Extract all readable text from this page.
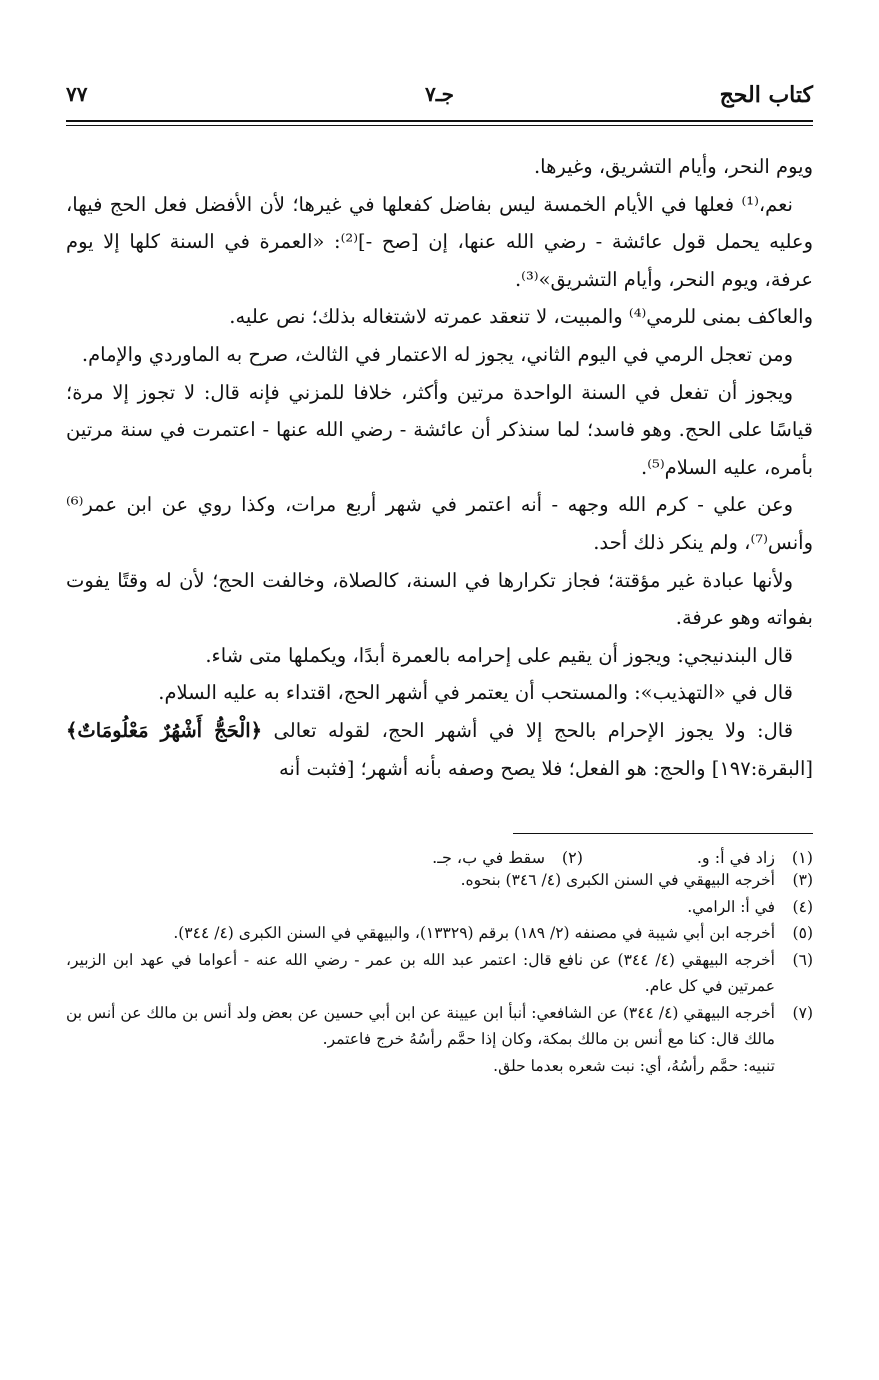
كتاب الحج
جـ٧
٧٧

ويوم النحر، وأيام التشريق، وغيرها.

نعم،⁽¹⁾ فعلها في الأيام الخمسة ليس بفاضل كفعلها في غيرها؛ لأن الأفضل فعل الحج فيها، وعليه يحمل قول عائشة - رضي الله عنها، إن [صح -]⁽²⁾: «العمرة في السنة كلها إلا يوم عرفة، ويوم النحر، وأيام التشريق»⁽³⁾.

والعاكف بمنى للرمي⁽⁴⁾ والمبيت، لا تنعقد عمرته لاشتغاله بذلك؛ نص عليه.

ومن تعجل الرمي في اليوم الثاني، يجوز له الاعتمار في الثالث، صرح به الماوردي والإمام.

ويجوز أن تفعل في السنة الواحدة مرتين وأكثر، خلافا للمزني فإنه قال: لا تجوز إلا مرة؛ قياسًا على الحج. وهو فاسد؛ لما سنذكر أن عائشة - رضي الله عنها - اعتمرت في سنة مرتين بأمره، عليه السلام⁽⁵⁾.

وعن علي - كرم الله وجهه - أنه اعتمر في شهر أربع مرات، وكذا روي عن ابن عمر⁽⁶⁾ وأنس⁽⁷⁾، ولم ينكر ذلك أحد.

ولأنها عبادة غير مؤقتة؛ فجاز تكرارها في السنة، كالصلاة، وخالفت الحج؛ لأن له وقتًا يفوت بفواته وهو عرفة.

قال البندنيجي: ويجوز أن يقيم على إحرامه بالعمرة أبدًا، ويكملها متى شاء.

قال في «التهذيب»: والمستحب أن يعتمر في أشهر الحج، اقتداء به عليه السلام.

قال: ولا يجوز الإحرام بالحج إلا في أشهر الحج، لقوله تعالى ﴿الْحَجُّ أَشْهُرٌ مَعْلُومَاتٌ﴾ [البقرة:١٩٧] والحج: هو الفعل؛ فلا يصح وصفه بأنه أشهر؛ [فثبت أنه

(١)
زاد في أ: و.
(٢)
سقط في ب، جـ.
(٣)
أخرجه البيهقي في السنن الكبرى (٤/ ٣٤٦) بنحوه.
(٤)
في أ: الرامي.
(٥)
أخرجه ابن أبي شيبة في مصنفه (٢/ ١٨٩) برقم (١٣٣٢٩)، والبيهقي في السنن الكبرى (٤/ ٣٤٤).
(٦)
أخرجه البيهقي (٤/ ٣٤٤) عن نافع قال: اعتمر عبد الله بن عمر - رضي الله عنه - أعواما في عهد ابن الزبير، عمرتين في كل عام.
(٧)
أخرجه البيهقي (٤/ ٣٤٤) عن الشافعي: أنبأ ابن عيينة عن ابن أبي حسين عن بعض ولد أنس بن مالك عن أنس بن مالك قال: كنا مع أنس بن مالك بمكة، وكان إذا حمَّم رأسُهُ خرج فاعتمر.
تنبيه: حمَّم رأسُهُ، أي: نبت شعره بعدما حلق.
